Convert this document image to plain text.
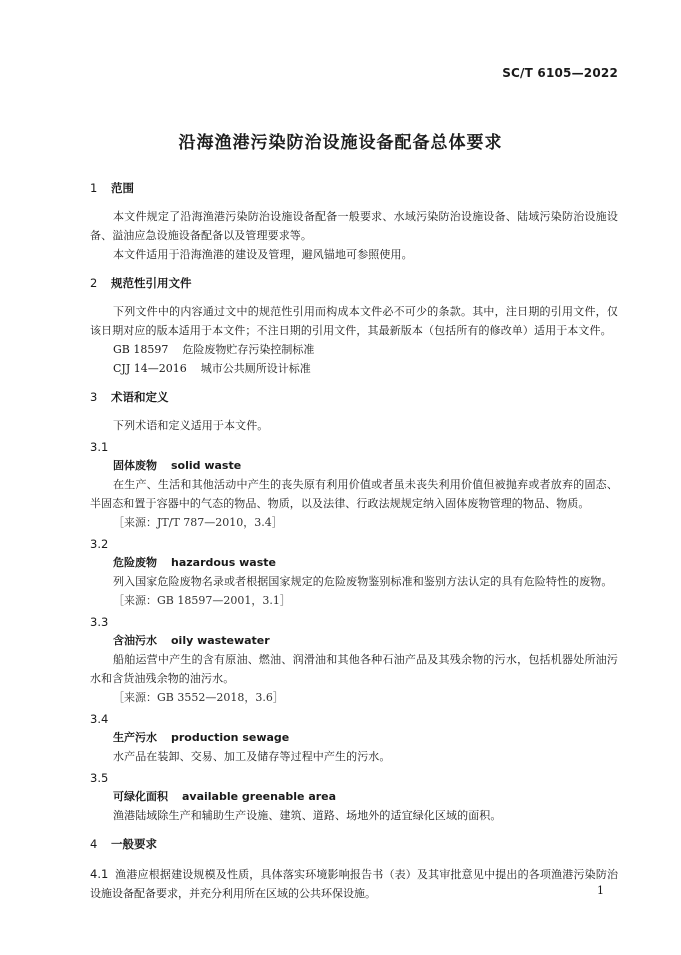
SC/T 6105—2022
沿海渔港污染防治设施设备配备总体要求
1 范围
本文件规定了沿海渔港污染防治设施设备配备一般要求、水域污染防治设施设备、陆域污染防治设施设备、溢油应急设施设备配备以及管理要求等。
本文件适用于沿海渔港的建设及管理，避风锚地可参照使用。
2 规范性引用文件
下列文件中的内容通过文中的规范性引用而构成本文件必不可少的条款。其中，注日期的引用文件，仅该日期对应的版本适用于本文件；不注日期的引用文件，其最新版本（包括所有的修改单）适用于本文件。
GB 18597 危险废物贮存污染控制标准
CJJ 14—2016 城市公共厕所设计标准
3 术语和定义
下列术语和定义适用于本文件。
3.1
固体废物 solid waste
在生产、生活和其他活动中产生的丧失原有利用价值或者虽未丧失利用价值但被抛弃或者放弃的固态、半固态和置于容器中的气态的物品、物质，以及法律、行政法规规定纳入固体废物管理的物品、物质。
［来源：JT/T 787—2010，3.4］
3.2
危险废物 hazardous waste
列入国家危险废物名录或者根据国家规定的危险废物鉴别标准和鉴别方法认定的具有危险特性的废物。
［来源：GB 18597—2001，3.1］
3.3
含油污水 oily wastewater
船舶运营中产生的含有原油、燃油、润滑油和其他各种石油产品及其残余物的污水，包括机器处所油污水和含货油残余物的油污水。
［来源：GB 3552—2018，3.6］
3.4
生产污水 production sewage
水产品在装卸、交易、加工及储存等过程中产生的污水。
3.5
可绿化面积 available greenable area
渔港陆域除生产和辅助生产设施、建筑、道路、场地外的适宜绿化区域的面积。
4 一般要求
4.1 渔港应根据建设规模及性质，具体落实环境影响报告书（表）及其审批意见中提出的各项渔港污染防治设施设备配备要求，并充分利用所在区域的公共环保设施。	1
